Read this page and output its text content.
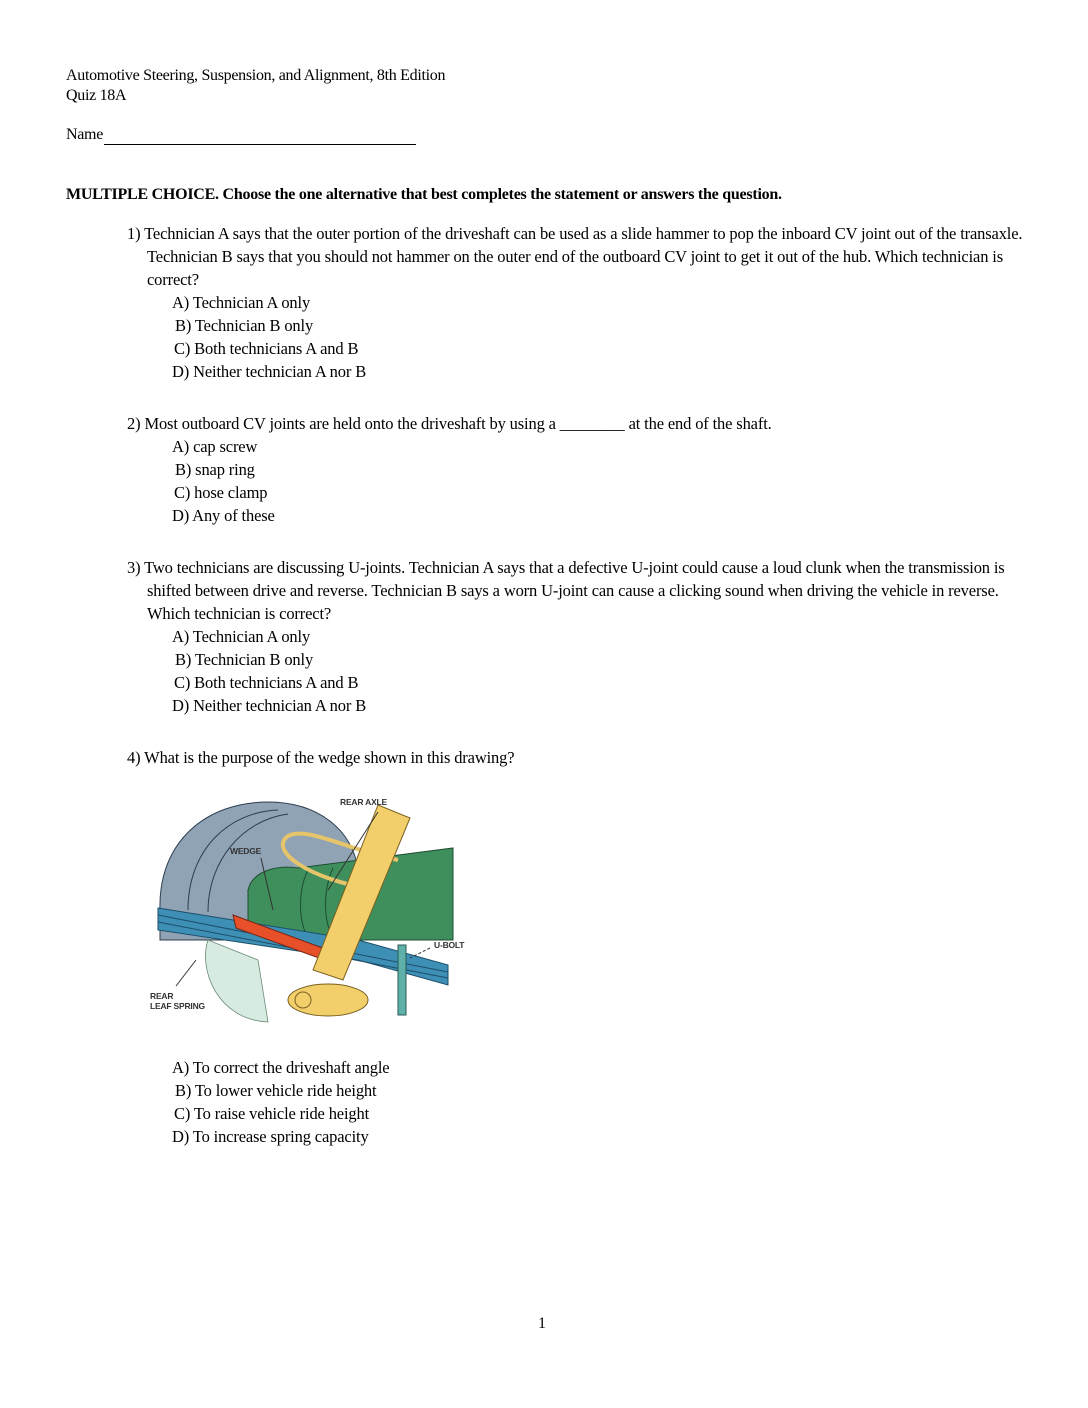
Automotive Steering, Suspension, and Alignment, 8th Edition
Quiz 18A
Name
MULTIPLE CHOICE. Choose the one alternative that best completes the statement or answers the question.
1) Technician A says that the outer portion of the driveshaft can be used as a slide hammer to pop the inboard CV joint out of the transaxle. Technician B says that you should not hammer on the outer end of the outboard CV joint to get it out of the hub. Which technician is correct?
A) Technician A only
B) Technician B only
C) Both technicians A and B
D) Neither technician A nor B
2) Most outboard CV joints are held onto the driveshaft by using a ________ at the end of the shaft.
A) cap screw
B) snap ring
C) hose clamp
D) Any of these
3) Two technicians are discussing U-joints. Technician A says that a defective U-joint could cause a loud clunk when the transmission is shifted between drive and reverse. Technician B says a worn U-joint can cause a clicking sound when driving the vehicle in reverse. Which technician is correct?
A) Technician A only
B) Technician B only
C) Both technicians A and B
D) Neither technician A nor B
4) What is the purpose of the wedge shown in this drawing?
REAR AXLE
WEDGE
U-BOLT
REAR
LEAF SPRING
A) To correct the driveshaft angle
B) To lower vehicle ride height
C) To raise vehicle ride height
D) To increase spring capacity
1
